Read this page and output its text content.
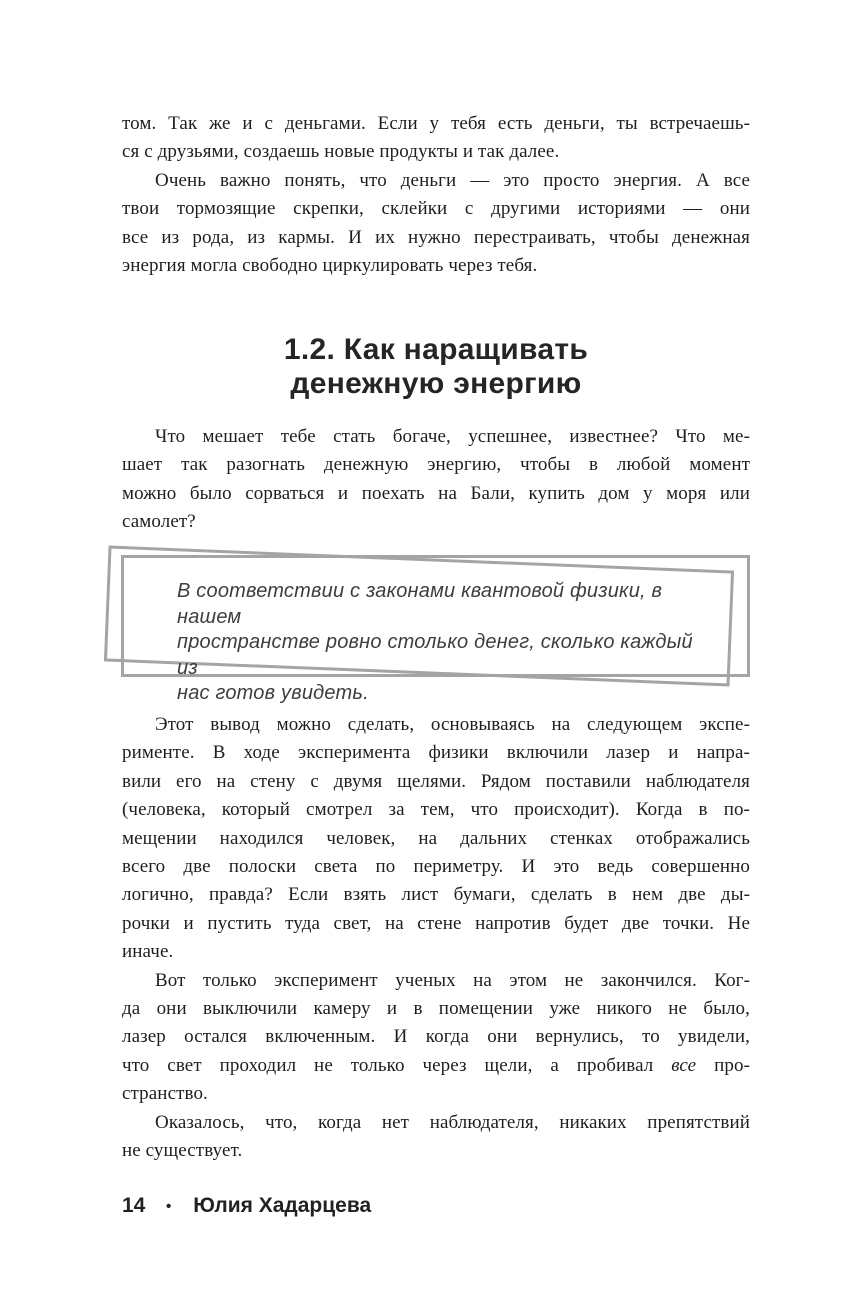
том. Так же и с деньгами. Если у тебя есть деньги, ты встречаешь-
ся с друзьями, создаешь новые продукты и так далее.
Очень важно понять, что деньги — это просто энергия. А все
твои тормозящие скрепки, склейки с другими историями — они
все из рода, из кармы. И их нужно перестраивать, чтобы денежная
энергия могла свободно циркулировать через тебя.
1.2. Как наращивать
денежную энергию
Что мешает тебе стать богаче, успешнее, известнее? Что ме-
шает так разогнать денежную энергию, чтобы в любой момент
можно было сорваться и поехать на Бали, купить дом у моря или
самолет?
В соответствии с законами квантовой физики, в нашем
пространстве ровно столько денег, сколько каждый из
нас готов увидеть.
Этот вывод можно сделать, основываясь на следующем экспе-
рименте. В ходе эксперимента физики включили лазер и напра-
вили его на стену с двумя щелями. Рядом поставили наблюдателя
(человека, который смотрел за тем, что происходит). Когда в по-
мещении находился человек, на дальних стенках отображались
всего две полоски света по периметру. И это ведь совершенно
логично, правда? Если взять лист бумаги, сделать в нем две ды-
рочки и пустить туда свет, на стене напротив будет две точки. Не
иначе.
Вот только эксперимент ученых на этом не закончился. Ког-
да они выключили камеру и в помещении уже никого не было,
лазер остался включенным. И когда они вернулись, то увидели,
что свет проходил не только через щели, а пробивал все про-
странство.
Оказалось, что, когда нет наблюдателя, никаких препятствий
не существует.
14	• Юлия Хадарцева
